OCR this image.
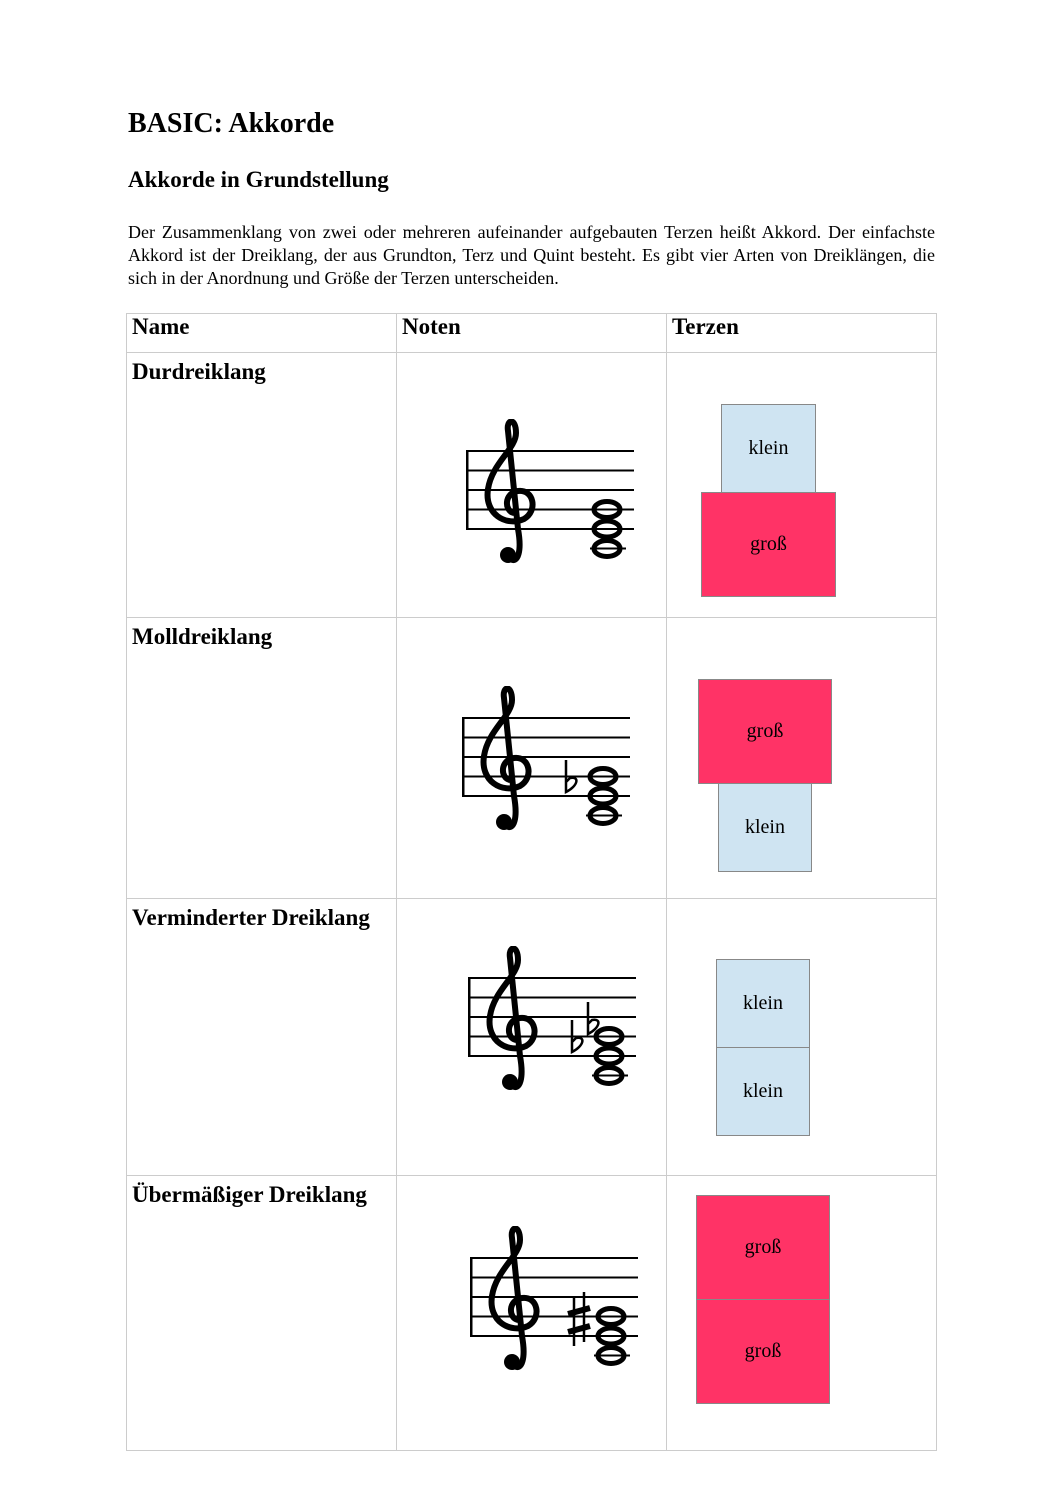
BASIC: Akkorde
Akkorde in Grundstellung

Der Zusammenklang von zwei oder mehreren aufeinander aufgebauten Terzen heißt Akkord. Der einfachste Akkord ist der Dreiklang, der aus Grundton, Terz und Quint besteht. Es gibt vier Arten von Dreiklängen, die sich in der Anordnung und Größe der Terzen unterscheiden.

Name	Noten	Terzen
Durdreiklang		klein
groß

Molldreiklang		groß
klein

Verminderter Dreiklang		klein
klein

Übermäßiger Dreiklang		groß
groß
